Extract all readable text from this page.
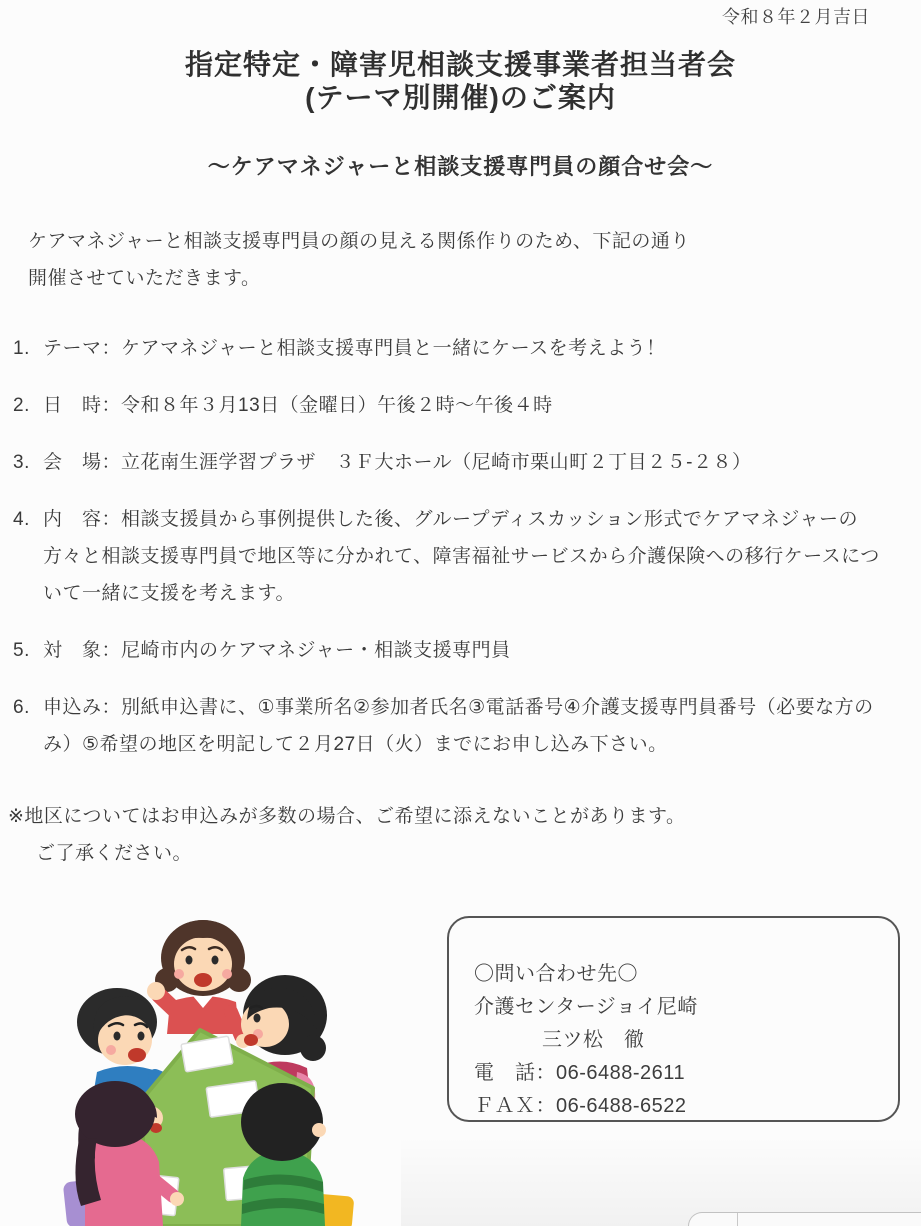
令和８年２月吉日
指定特定・障害児相談支援事業者担当者会
(テーマ別開催)のご案内
～ケアマネジャーと相談支援専門員の顔合せ会～
ケアマネジャーと相談支援専門員の顔の見える関係作りのため、下記の通り
開催させていただきます。
1. テーマ：ケアマネジャーと相談支援専門員と一緒にケースを考えよう！
2. 日　時：令和８年３月13日（金曜日）午後２時～午後４時
3. 会　場：立花南生涯学習プラザ　３Ｆ大ホール（尼崎市栗山町２丁目２５-２８）
4. 内　容：相談支援員から事例提供した後、グループディスカッション形式でケアマネジャーの方々と相談支援専門員で地区等に分かれて、障害福祉サービスから介護保険への移行ケースについて一緒に支援を考えます。
5. 対　象：尼崎市内のケアマネジャー・相談支援専門員
6. 申込み：別紙申込書に、①事業所名②参加者氏名③電話番号④介護支援専門員番号（必要な方のみ）⑤希望の地区を明記して２月27日（火）までにお申し込み下さい。
※地区についてはお申込みが多数の場合、ご希望に添えないことがあります。
ご了承ください。
〇問い合わせ先〇
介護センタージョイ尼崎
三ツ松　徹
電　話：06-6488-2611
ＦＡＸ：06-6488-6522
